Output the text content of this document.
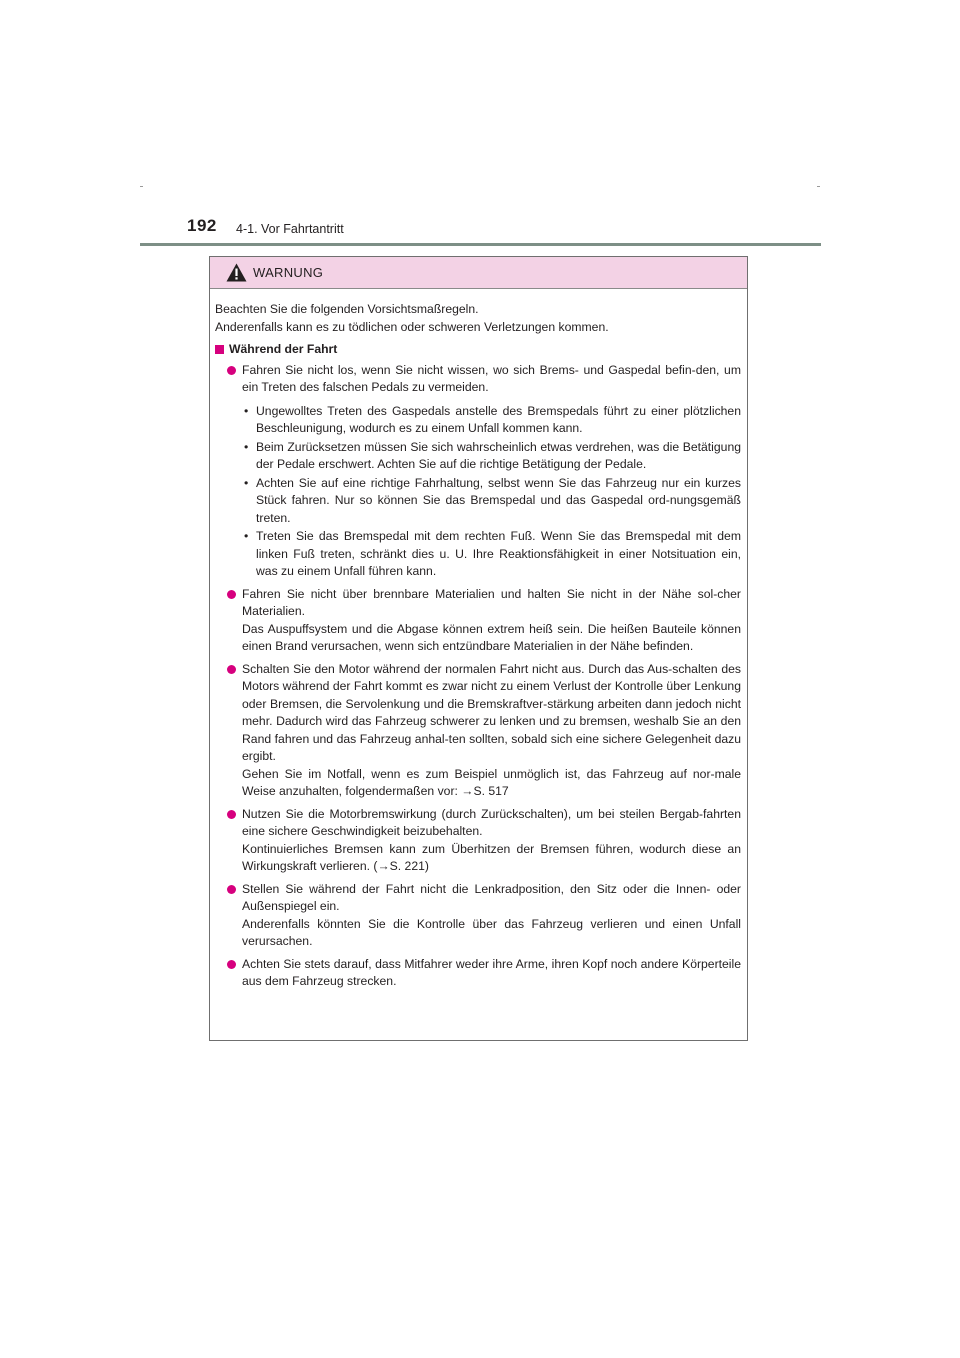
192 4-1. Vor Fahrtantritt
WARNUNG
Beachten Sie die folgenden Vorsichtsmaßregeln.
Anderenfalls kann es zu tödlichen oder schweren Verletzungen kommen.
Während der Fahrt

Fahren Sie nicht los, wenn Sie nicht wissen, wo sich Brems- und Gaspedal befin-den, um ein Treten des falschen Pedals zu vermeiden.

• Ungewolltes Treten des Gaspedals anstelle des Bremspedals führt zu einer plötzlichen Beschleunigung, wodurch es zu einem Unfall kommen kann.
• Beim Zurücksetzen müssen Sie sich wahrscheinlich etwas verdrehen, was die Betätigung der Pedale erschwert. Achten Sie auf die richtige Betätigung der Pedale.
• Achten Sie auf eine richtige Fahrhaltung, selbst wenn Sie das Fahrzeug nur ein kurzes Stück fahren. Nur so können Sie das Bremspedal und das Gaspedal ord-nungsgemäß treten.
• Treten Sie das Bremspedal mit dem rechten Fuß. Wenn Sie das Bremspedal mit dem linken Fuß treten, schränkt dies u. U. Ihre Reaktionsfähigkeit in einer Notsituation ein, was zu einem Unfall führen kann.

Fahren Sie nicht über brennbare Materialien und halten Sie nicht in der Nähe sol-cher Materialien.

Das Auspuffsystem und die Abgase können extrem heiß sein. Die heißen Bauteile können einen Brand verursachen, wenn sich entzündbare Materialien in der Nähe befinden.

Schalten Sie den Motor während der normalen Fahrt nicht aus. Durch das Aus-schalten des Motors während der Fahrt kommt es zwar nicht zu einem Verlust der Kontrolle über Lenkung oder Bremsen, die Servolenkung und die Bremskraftver-stärkung arbeiten dann jedoch nicht mehr. Dadurch wird das Fahrzeug schwerer zu lenken und zu bremsen, weshalb Sie an den Rand fahren und das Fahrzeug anhal-ten sollten, sobald sich eine sichere Gelegenheit dazu ergibt.

Gehen Sie im Notfall, wenn es zum Beispiel unmöglich ist, das Fahrzeug auf nor-male Weise anzuhalten, folgendermaßen vor: →S. 517

Nutzen Sie die Motorbremswirkung (durch Zurückschalten), um bei steilen Bergab-fahrten eine sichere Geschwindigkeit beizubehalten.

Kontinuierliches Bremsen kann zum Überhitzen der Bremsen führen, wodurch diese an Wirkungskraft verlieren. (→S. 221)

Stellen Sie während der Fahrt nicht die Lenkradposition, den Sitz oder die Innen- oder Außenspiegel ein.

Anderenfalls könnten Sie die Kontrolle über das Fahrzeug verlieren und einen Unfall verursachen.

Achten Sie stets darauf, dass Mitfahrer weder ihre Arme, ihren Kopf noch andere Körperteile aus dem Fahrzeug strecken.
